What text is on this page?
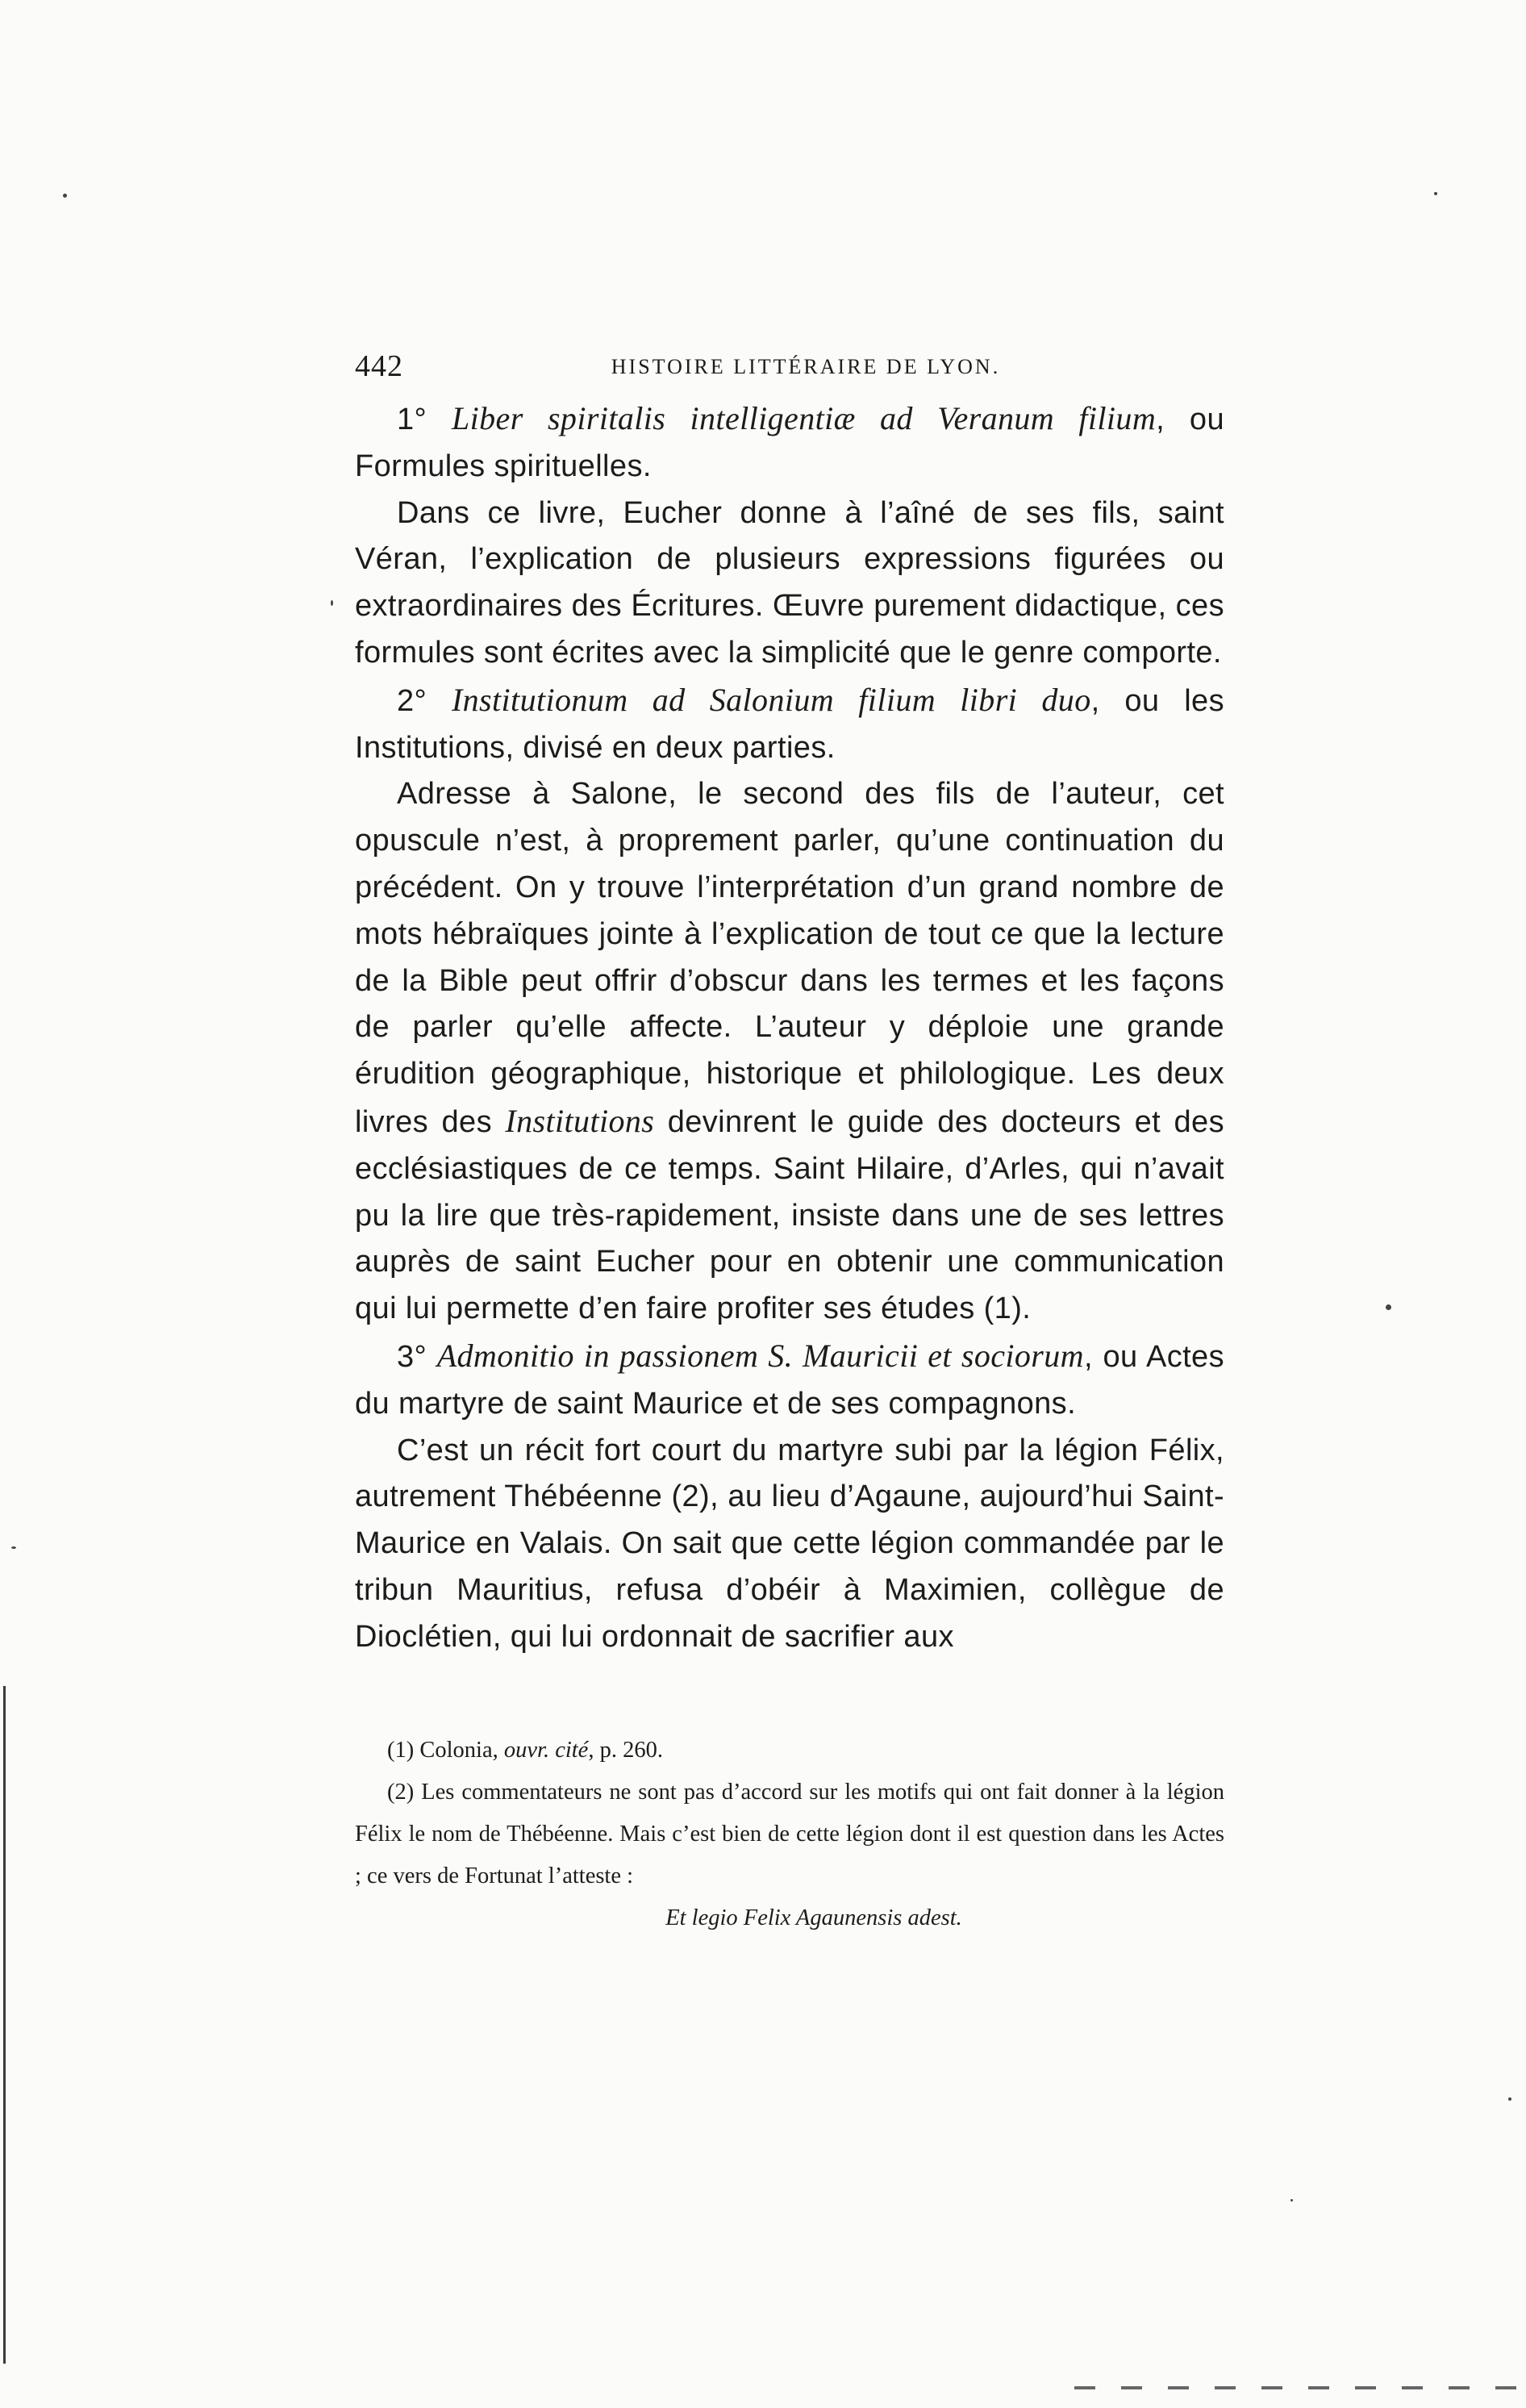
442	HISTOIRE LITTÉRAIRE DE LYON.

1° Liber spiritalis intelligentiæ ad Veranum filium, ou Formules spirituelles.

Dans ce livre, Eucher donne à l’aîné de ses fils, saint Véran, l’explication de plusieurs expressions figurées ou extraordinaires des Écritures. Œuvre purement didactique, ces formules sont écrites avec la simplicité que le genre comporte.

2° Institutionum ad Salonium filium libri duo, ou les Institutions, divisé en deux parties.

Adresse à Salone, le second des fils de l’auteur, cet opuscule n’est, à proprement parler, qu’une continuation du précédent. On y trouve l’interprétation d’un grand nombre de mots hébraïques jointe à l’explication de tout ce que la lecture de la Bible peut offrir d’obscur dans les termes et les façons de parler qu’elle affecte. L’auteur y déploie une grande érudition géographique, historique et philologique. Les deux livres des Institutions devinrent le guide des docteurs et des ecclésiastiques de ce temps. Saint Hilaire, d’Arles, qui n’avait pu la lire que très-rapidement, insiste dans une de ses lettres auprès de saint Eucher pour en obtenir une communication qui lui permette d’en faire profiter ses études (1).

3° Admonitio in passionem S. Mauricii et sociorum, ou Actes du martyre de saint Maurice et de ses compagnons.

C’est un récit fort court du martyre subi par la légion Félix, autrement Thébéenne (2), au lieu d’Agaune, aujourd’hui Saint-Maurice en Valais. On sait que cette légion commandée par le tribun Mauritius, refusa d’obéir à Maximien, collègue de Dioclétien, qui lui ordonnait de sacrifier aux

(1) Colonia, ouvr. cité, p. 260.

(2) Les commentateurs ne sont pas d’accord sur les motifs qui ont fait donner à la légion Félix le nom de Thébéenne. Mais c’est bien de cette légion dont il est question dans les Actes ; ce vers de Fortunat l’atteste :

Et legio Felix Agaunensis adest.
